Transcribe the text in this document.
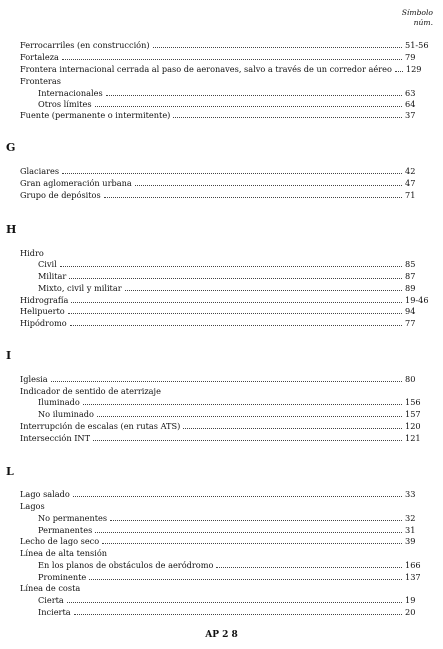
Símbolo
núm.
Ferrocarriles (en construcción)	51-56
Fortaleza	79
Frontera internacional cerrada al paso de aeronaves, salvo a través de un corredor aéreo 129
Fronteras
Internacionales	63
Otros límites	64
Fuente (permanente o intermitente)	37
G
Glaciares	42
Gran aglomeración urbana	47
Grupo de depósitos	71
H
Hidro
Civil	85
Militar	87
Mixto, civil y militar	89
Hidrografía	19-46
Helipuerto	94
Hipódromo	77
I
Iglesia	80
Indicador de sentido de aterrizaje
Iluminado	156
No iluminado	157
Interrupción de escalas (en rutas ATS)	120
Intersección INT	121
L
Lago salado	33
Lagos
No permanentes	32
Permanentes	31
Lecho de lago seco	39
Línea de alta tensión
En los planos de obstáculos de aeródromo	166
Prominente	137
Línea de costa
Cierta	19
Incierta	20
AP 2 8
